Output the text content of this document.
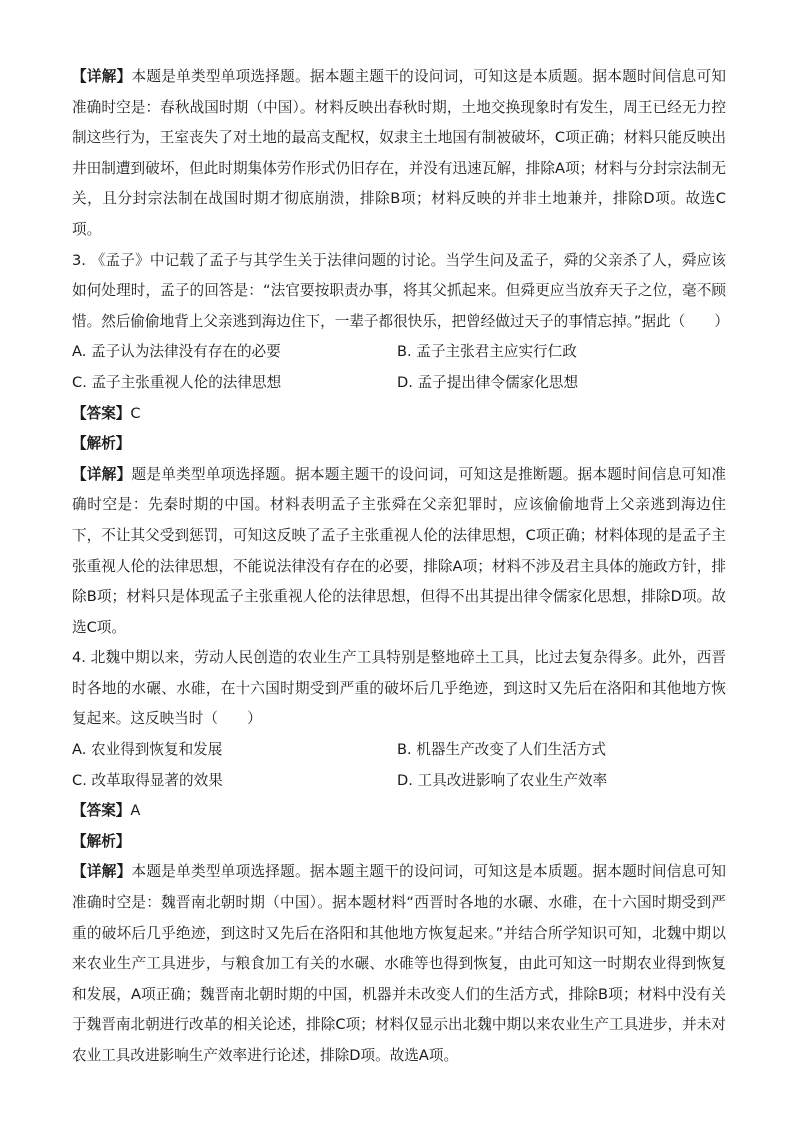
【详解】本题是单类型单项选择题。据本题主题干的设问词，可知这是本质题。据本题时间信息可知准确时空是：春秋战国时期（中国）。材料反映出春秋时期，土地交换现象时有发生，周王已经无力控制这些行为，王室丧失了对土地的最高支配权，奴隶主土地国有制被破坏，C项正确；材料只能反映出井田制遭到破坏，但此时期集体劳作形式仍旧存在，并没有迅速瓦解，排除A项；材料与分封宗法制无关，且分封宗法制在战国时期才彻底崩溃，排除B项；材料反映的并非土地兼并，排除D项。故选C项。

3. 《孟子》中记载了孟子与其学生关于法律问题的讨论。当学生问及孟子，舜的父亲杀了人，舜应该如何处理时，孟子的回答是：“法官要按职责办事，将其父抓起来。但舜更应当放弃天子之位，毫不顾惜。然后偷偷地背上父亲逃到海边住下，一辈子都很快乐，把曾经做过天子的事情忘掉。”据此（　　）

A. 孟子认为法律没有存在的必要	B. 孟子主张君主应实行仁政

C. 孟子主张重视人伦的法律思想	D. 孟子提出律令儒家化思想

【答案】C

【解析】

【详解】题是单类型单项选择题。据本题主题干的设问词，可知这是推断题。据本题时间信息可知准确时空是：先秦时期的中国。材料表明孟子主张舜在父亲犯罪时，应该偷偷地背上父亲逃到海边住下，不让其父受到惩罚，可知这反映了孟子主张重视人伦的法律思想，C项正确；材料体现的是孟子主张重视人伦的法律思想，不能说法律没有存在的必要，排除A项；材料不涉及君主具体的施政方针，排除B项；材料只是体现孟子主张重视人伦的法律思想，但得不出其提出律令儒家化思想，排除D项。故选C项。

4. 北魏中期以来，劳动人民创造的农业生产工具特别是整地碎土工具，比过去复杂得多。此外，西晋时各地的水碾、水碓，在十六国时期受到严重的破坏后几乎绝迹，到这时又先后在洛阳和其他地方恢复起来。这反映当时（　　）

A. 农业得到恢复和发展	B. 机器生产改变了人们生活方式

C. 改革取得显著的效果	D. 工具改进影响了农业生产效率

【答案】A

【解析】

【详解】本题是单类型单项选择题。据本题主题干的设问词，可知这是本质题。据本题时间信息可知准确时空是：魏晋南北朝时期（中国）。据本题材料“西晋时各地的水碾、水碓，在十六国时期受到严重的破坏后几乎绝迹，到这时又先后在洛阳和其他地方恢复起来。”并结合所学知识可知，北魏中期以来农业生产工具进步，与粮食加工有关的水碾、水碓等也得到恢复，由此可知这一时期农业得到恢复和发展，A项正确；魏晋南北朝时期的中国，机器并未改变人们的生活方式，排除B项；材料中没有关于魏晋南北朝进行改革的相关论述，排除C项；材料仅显示出北魏中期以来农业生产工具进步，并未对农业工具改进影响生产效率进行论述，排除D项。故选A项。
